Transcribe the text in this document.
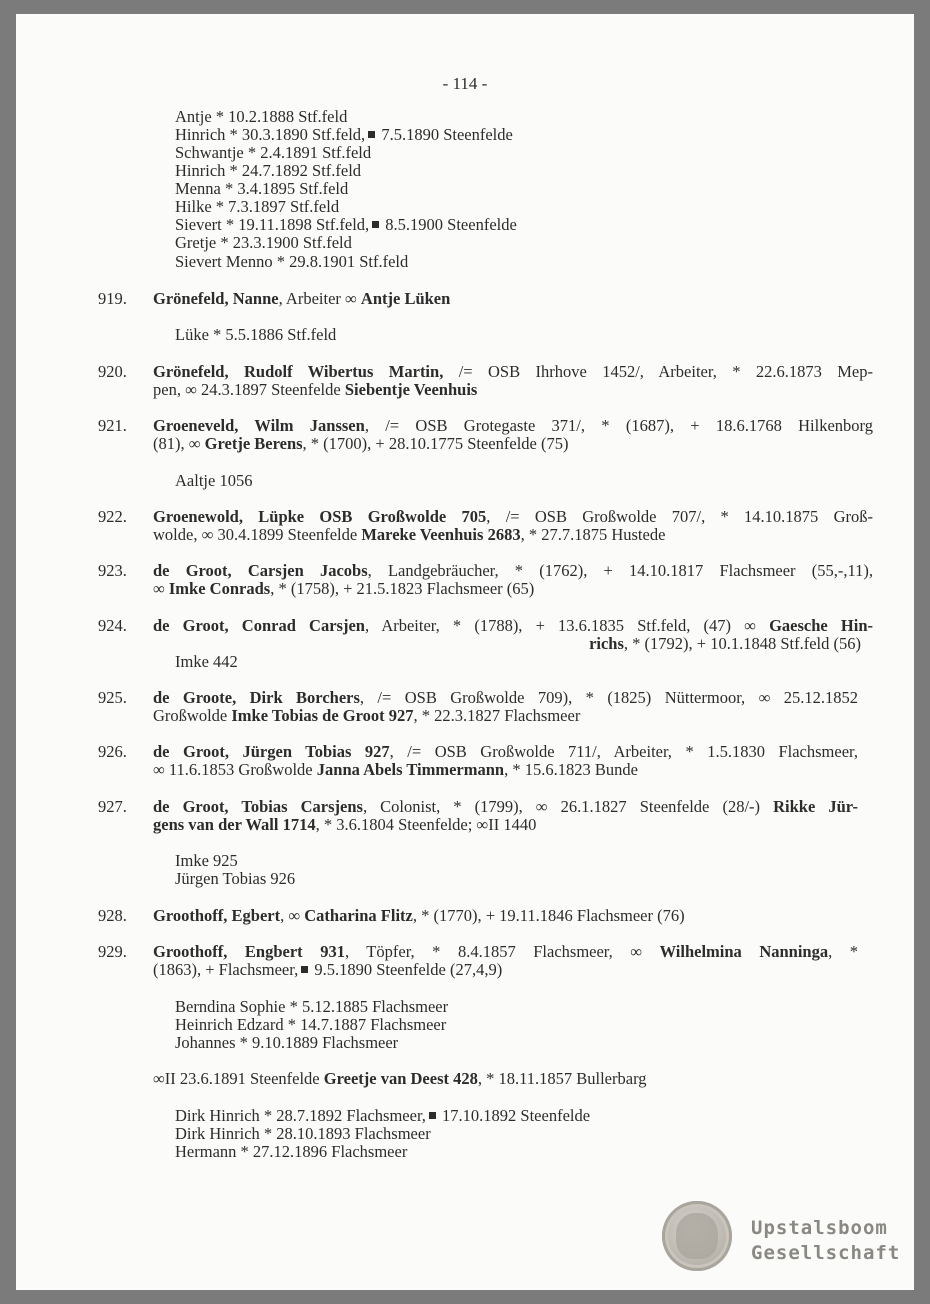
- 114 -
Antje * 10.2.1888 Stf.feld
Hinrich * 30.3.1890 Stf.feld, 7.5.1890 Steenfelde
Schwantje * 2.4.1891 Stf.feld
Hinrich * 24.7.1892 Stf.feld
Menna * 3.4.1895 Stf.feld
Hilke * 7.3.1897 Stf.feld
Sievert * 19.11.1898 Stf.feld, 8.5.1900 Steenfelde
Gretje * 23.3.1900 Stf.feld
Sievert Menno * 29.8.1901 Stf.feld
919. Grönefeld, Nanne, Arbeiter ∞ Antje Lüken
Lüke * 5.5.1886 Stf.feld
920. Grönefeld, Rudolf Wibertus Martin, /= OSB Ihrhove 1452/, Arbeiter, * 22.6.1873 Mep-
pen, ∞ 24.3.1897 Steenfelde Siebentje Veenhuis
921. Groeneveld, Wilm Janssen, /= OSB Grotegaste 371/, * (1687), + 18.6.1768 Hilkenborg
(81), ∞ Gretje Berens, * (1700), + 28.10.1775 Steenfelde (75)
Aaltje 1056
922. Groenewold, Lüpke OSB Großwolde 705, /= OSB Großwolde 707/, * 14.10.1875 Groß-
wolde, ∞ 30.4.1899 Steenfelde Mareke Veenhuis 2683, * 27.7.1875 Hustede
923. de Groot, Carsjen Jacobs, Landgebräucher, * (1762), + 14.10.1817 Flachsmeer (55,-,11),
∞ Imke Conrads, * (1758), + 21.5.1823 Flachsmeer (65)
924. de Groot, Conrad Carsjen, Arbeiter, * (1788), + 13.6.1835 Stf.feld, (47) ∞ Gaesche Hin-
richs, * (1792), + 10.1.1848 Stf.feld (56)
Imke 442
925. de Groote, Dirk Borchers, /= OSB Großwolde 709), * (1825) Nüttermoor, ∞ 25.12.1852
Großwolde Imke Tobias de Groot 927, * 22.3.1827 Flachsmeer
926. de Groot, Jürgen Tobias 927, /= OSB Großwolde 711/, Arbeiter, * 1.5.1830 Flachsmeer,
∞ 11.6.1853 Großwolde Janna Abels Timmermann, * 15.6.1823 Bunde
927. de Groot, Tobias Carsjens, Colonist, * (1799), ∞ 26.1.1827 Steenfelde (28/-) Rikke Jür-
gens van der Wall 1714, * 3.6.1804 Steenfelde; ∞II 1440
Imke 925
Jürgen Tobias 926
928. Groothoff, Egbert, ∞ Catharina Flitz, * (1770), + 19.11.1846 Flachsmeer (76)
929. Groothoff, Engbert 931, Töpfer, * 8.4.1857 Flachsmeer, ∞ Wilhelmina Nanninga, *
(1863), + Flachsmeer, 9.5.1890 Steenfelde (27,4,9)
Berndina Sophie * 5.12.1885 Flachsmeer
Heinrich Edzard * 14.7.1887 Flachsmeer
Johannes * 9.10.1889 Flachsmeer
∞II 23.6.1891 Steenfelde Greetje van Deest 428, * 18.11.1857 Bullerbarg
Dirk Hinrich * 28.7.1892 Flachsmeer, 17.10.1892 Steenfelde
Dirk Hinrich * 28.10.1893 Flachsmeer
Hermann * 27.12.1896 Flachsmeer
Upstalsboom
Gesellschaft
